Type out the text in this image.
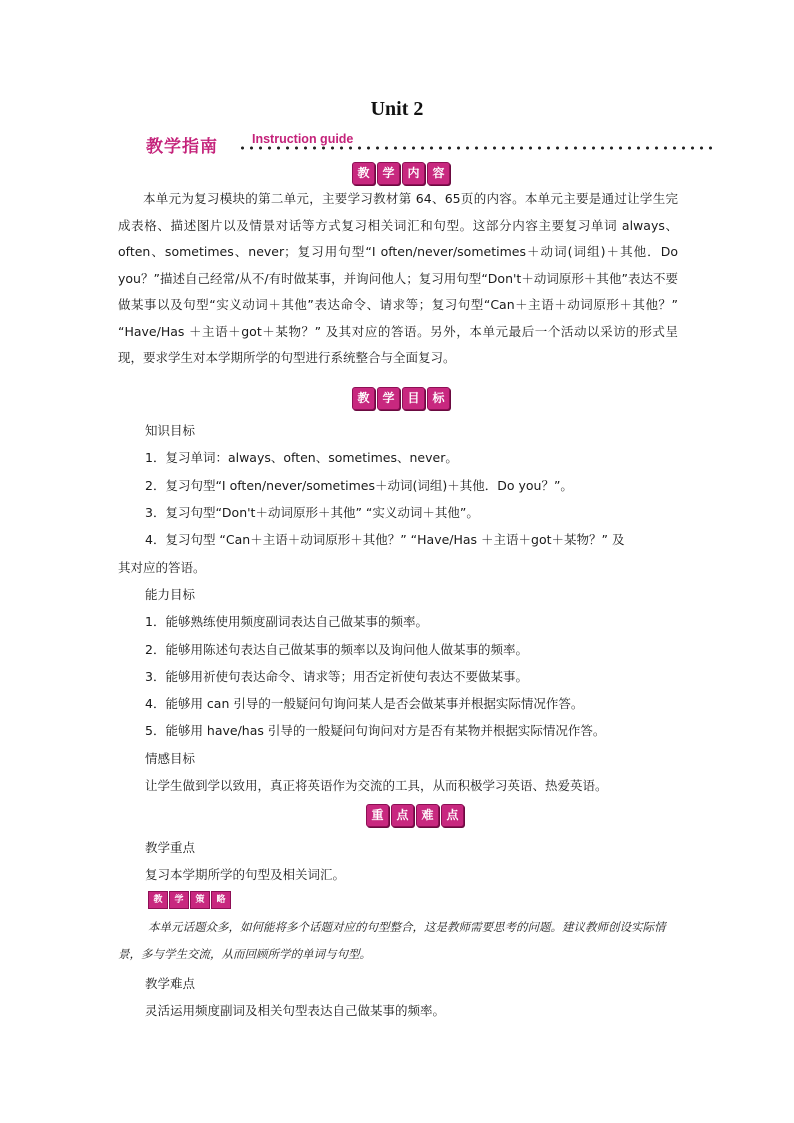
Unit 2
教学指南	Instruction guide
教	学	内	容
本单元为复习模块的第二单元，主要学习教材第 64、65页的内容。本单元主要是通过让学生完成表格、描述图片以及情景对话等方式复习相关词汇和句型。这部分内容主要复习单词 always、often、sometimes、never；复习用句型“I often/never/sometimes＋动词(词组)＋其他．Do you？”描述自己经常/从不/有时做某事，并询问他人；复习用句型“Don't＋动词原形＋其他”表达不要做某事以及句型“实义动词＋其他”表达命令、请求等；复习句型“Can＋主语＋动词原形＋其他？” “Have/Has ＋主语＋got＋某物？” 及其对应的答语。另外，本单元最后一个活动以采访的形式呈现，要求学生对本学期所学的句型进行系统整合与全面复习。
教	学	目	标
知识目标
1．复习单词：always、often、sometimes、never。
2．复习句型“I often/never/sometimes＋动词(词组)＋其他．Do you？”。
3．复习句型“Don't＋动词原形＋其他” “实义动词＋其他”。
4．复习句型 “Can＋主语＋动词原形＋其他？” “Have/Has ＋主语＋got＋某物？” 及
其对应的答语。
能力目标
1．能够熟练使用频度副词表达自己做某事的频率。
2．能够用陈述句表达自己做某事的频率以及询问他人做某事的频率。
3．能够用祈使句表达命令、请求等；用否定祈使句表达不要做某事。
4．能够用 can 引导的一般疑问句询问某人是否会做某事并根据实际情况作答。
5．能够用 have/has 引导的一般疑问句询问对方是否有某物并根据实际情况作答。
情感目标
让学生做到学以致用，真正将英语作为交流的工具，从而积极学习英语、热爱英语。
重	点	难	点
教学重点
复习本学期所学的句型及相关词汇。
教	学	策	略
本单元话题众多，如何能将多个话题对应的句型整合，这是教师需要思考的问题。建议教师创设实际情景，多与学生交流，从而回顾所学的单词与句型。
教学难点
灵活运用频度副词及相关句型表达自己做某事的频率。
